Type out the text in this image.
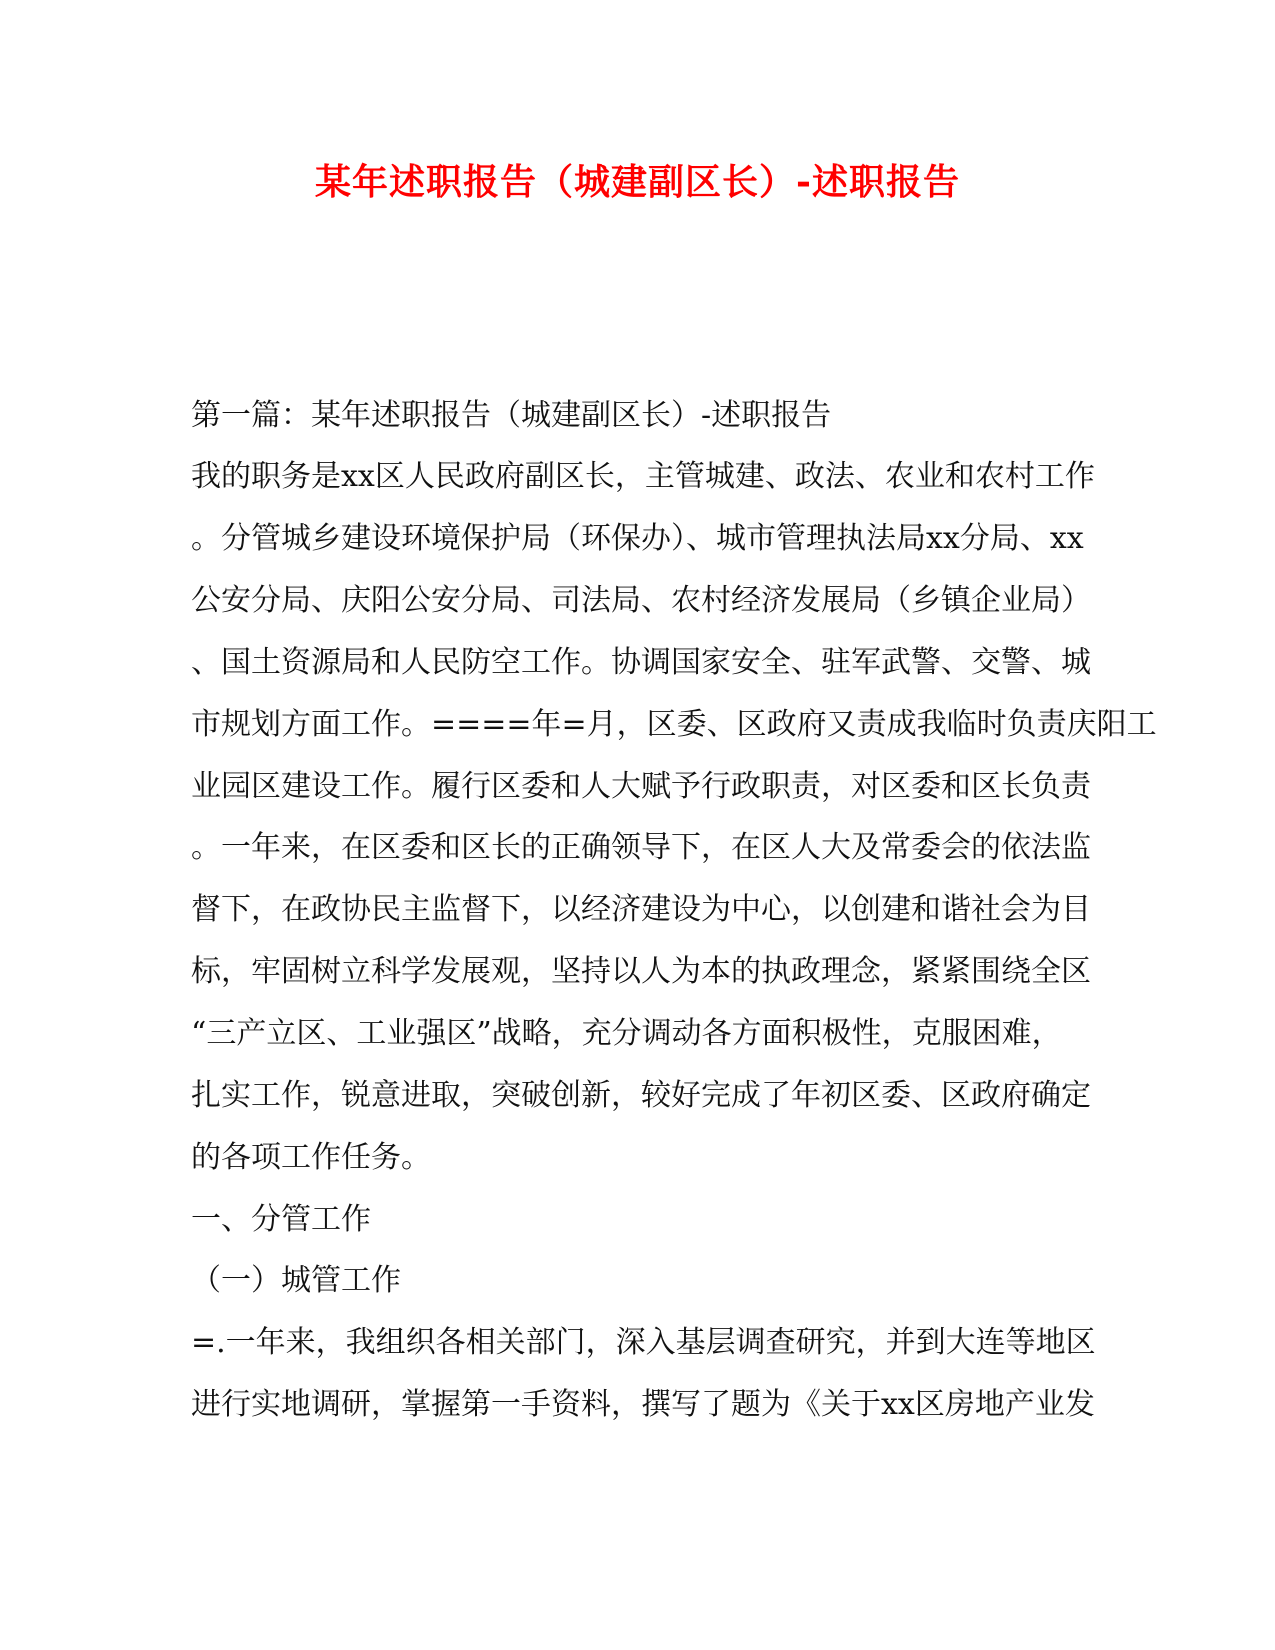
某年述职报告（城建副区长）-述职报告
第一篇：某年述职报告（城建副区长）-述职报告
我的职务是xx区人民政府副区长，主管城建、政法、农业和农村工作
。分管城乡建设环境保护局（环保办）、城市管理执法局xx分局、xx
公安分局、庆阳公安分局、司法局、农村经济发展局（乡镇企业局）
、国土资源局和人民防空工作。协调国家安全、驻军武警、交警、城
市规划方面工作。====年=月，区委、区政府又责成我临时负责庆阳工
业园区建设工作。履行区委和人大赋予行政职责，对区委和区长负责
。一年来，在区委和区长的正确领导下，在区人大及常委会的依法监
督下，在政协民主监督下，以经济建设为中心，以创建和谐社会为目
标，牢固树立科学发展观，坚持以人为本的执政理念，紧紧围绕全区
“三产立区、工业强区”战略，充分调动各方面积极性，克服困难，
扎实工作，锐意进取，突破创新，较好完成了年初区委、区政府确定
的各项工作任务。
一、分管工作
（一）城管工作
=.一年来，我组织各相关部门，深入基层调查研究，并到大连等地区
进行实地调研，掌握第一手资料，撰写了题为《关于xx区房地产业发
